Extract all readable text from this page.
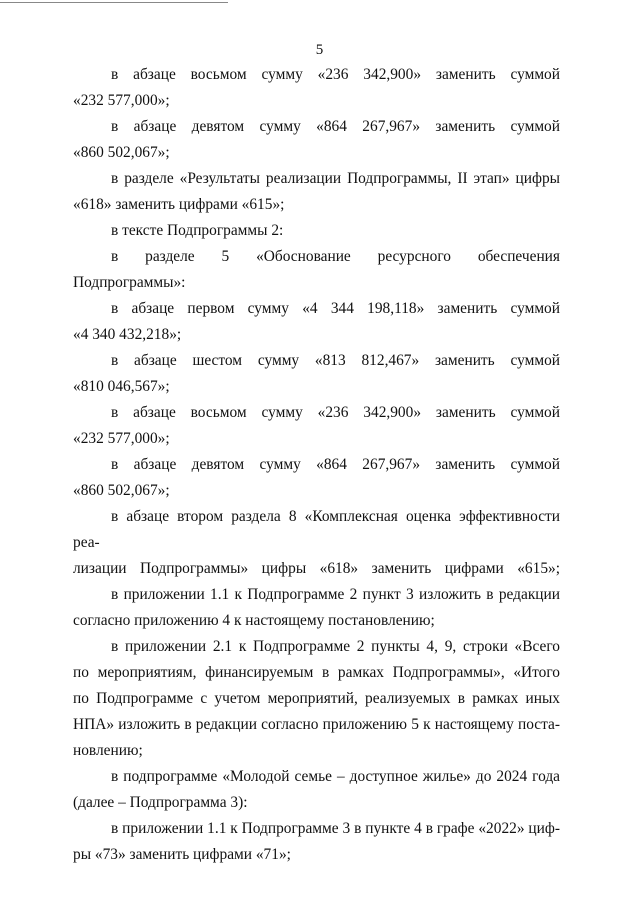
5

в абзаце восьмом сумму «236 342,900» заменить суммой

«232 577,000»;

в абзаце девятом сумму «864 267,967» заменить суммой

«860 502,067»;

в разделе «Результаты реализации Подпрограммы, II этап» цифры

«618» заменить цифрами «615»;

в тексте Подпрограммы 2:

в разделе 5 «Обоснование ресурсного обеспечения Подпрограммы»:

в абзаце первом сумму «4 344 198,118» заменить суммой

«4 340 432,218»;

в абзаце шестом сумму «813 812,467» заменить суммой

«810 046,567»;

в абзаце восьмом сумму «236 342,900» заменить суммой

«232 577,000»;

в абзаце девятом сумму «864 267,967» заменить суммой

«860 502,067»;

в абзаце втором раздела 8 «Комплексная оценка эффективности реа-

лизации Подпрограммы» цифры «618» заменить цифрами «615»;

в приложении 1.1 к Подпрограмме 2 пункт 3 изложить в редакции

согласно приложению 4 к настоящему постановлению;

в приложении 2.1 к Подпрограмме 2 пункты 4, 9, строки «Всего

по мероприятиям, финансируемым в рамках Подпрограммы», «Итого

по Подпрограмме с учетом мероприятий, реализуемых в рамках иных

НПА» изложить в редакции согласно приложению 5 к настоящему поста-

новлению;

в подпрограмме «Молодой семье – доступное жилье» до 2024 года

(далее – Подпрограмма 3):

в приложении 1.1 к Подпрограмме 3 в пункте 4 в графе «2022» циф-

ры «73» заменить цифрами «71»;
